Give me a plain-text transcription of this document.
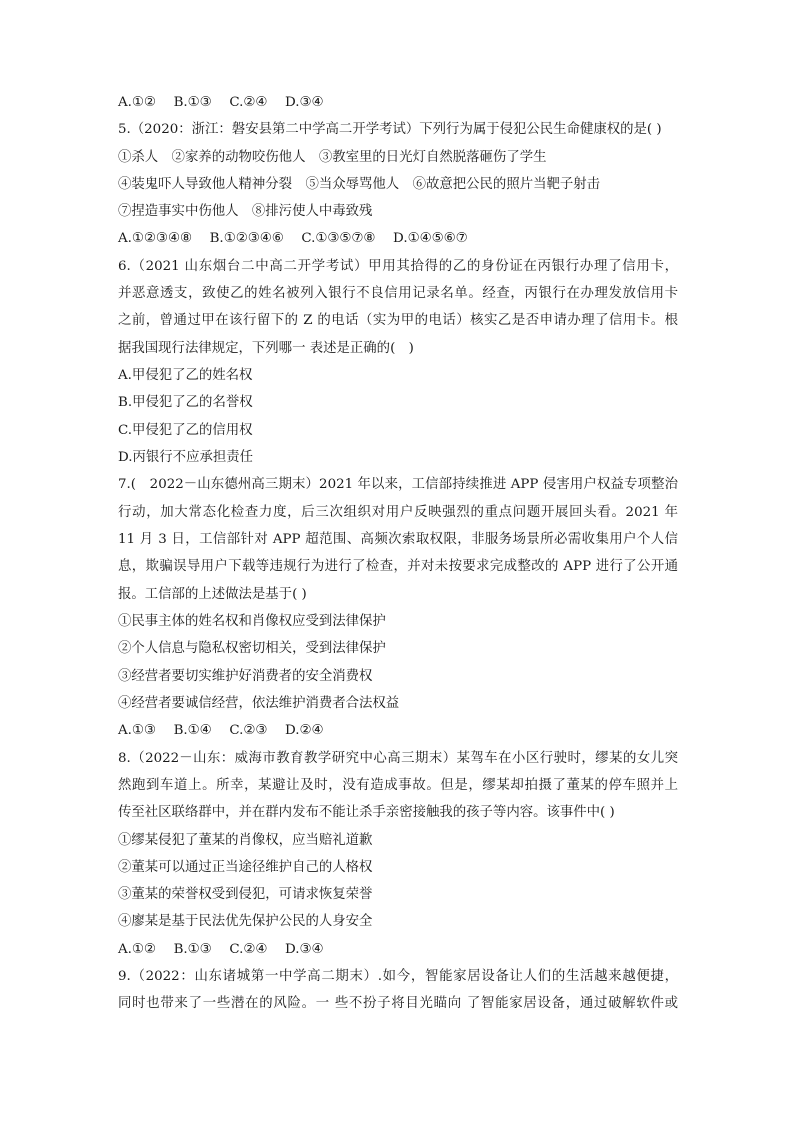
A.①②　 B.①③　 C.②④　 D.③④
5.（2020：浙江：磐安县第二中学高二开学考试）下列行为属于侵犯公民生命健康权的是( )
①杀人　②家养的动物咬伤他人　③教室里的日光灯自然脱落砸伤了学生
④装鬼吓人导致他人精神分裂　⑤当众辱骂他人　⑥故意把公民的照片当靶子射击
⑦捏造事实中伤他人　⑧排污使人中毒致残
A.①②③④⑧　 B.①②③④⑥　 C.①③⑤⑦⑧　 D.①④⑤⑥⑦
6.（2021 山东烟台二中高二开学考试）甲用其拾得的乙的身份证在丙银行办理了信用卡，
并恶意透支，致使乙的姓名被列入银行不良信用记录名单。经查，丙银行在办理发放信用卡
之前，曾通过甲在该行留下的 Z 的电话（实为甲的电话）核实乙是否申请办理了信用卡。根
据我国现行法律规定，下列哪一 表述是正确的(　)
A.甲侵犯了乙的姓名权
B.甲侵犯了乙的名誉权
C.甲侵犯了乙的信用权
D.丙银行不应承担责任
7.(　2022－山东德州高三期末）2021 年以来，工信部持续推进 APP 侵害用户权益专项整治
行动，加大常态化检查力度，后三次组织对用户反映强烈的重点问题开展回头看。2021 年
11 月 3 日，工信部针对 APP 超范围、高频次索取权限，非服务场景所必需收集用户个人信
息，欺骗误导用户下载等违规行为进行了检查，并对未按要求完成整改的 APP 进行了公开通
报。工信部的上述做法是基于( )
①民事主体的姓名权和肖像权应受到法律保护
②个人信息与隐私权密切相关，受到法律保护
③经营者要切实维护好消费者的安全消费权
④经营者要诚信经营，依法维护消费者合法权益
A.①③　 B.①④　 C.②③　 D.②④
8.（2022－山东：威海市教育教学研究中心高三期末）某驾车在小区行驶时，缪某的女儿突
然跑到车道上。所幸，某避让及时，没有造成事故。但是，缪某却拍摄了董某的停车照并上
传至社区联络群中，并在群内发布不能让杀手亲密接触我的孩子等内容。该事件中( )
①缪某侵犯了董某的肖像权，应当赔礼道歉
②董某可以通过正当途径维护自己的人格权
③董某的荣誉权受到侵犯，可请求恢复荣誉
④廖某是基于民法优先保护公民的人身安全
A.①②　 B.①③　 C.②④　 D.③④
9.（2022：山东诸城第一中学高二期末）.如今，智能家居设备让人们的生活越来越便捷，
同时也带来了一些潜在的风险。一 些不扮子将目光瞄向 了智能家居设备，通过破解软件或
